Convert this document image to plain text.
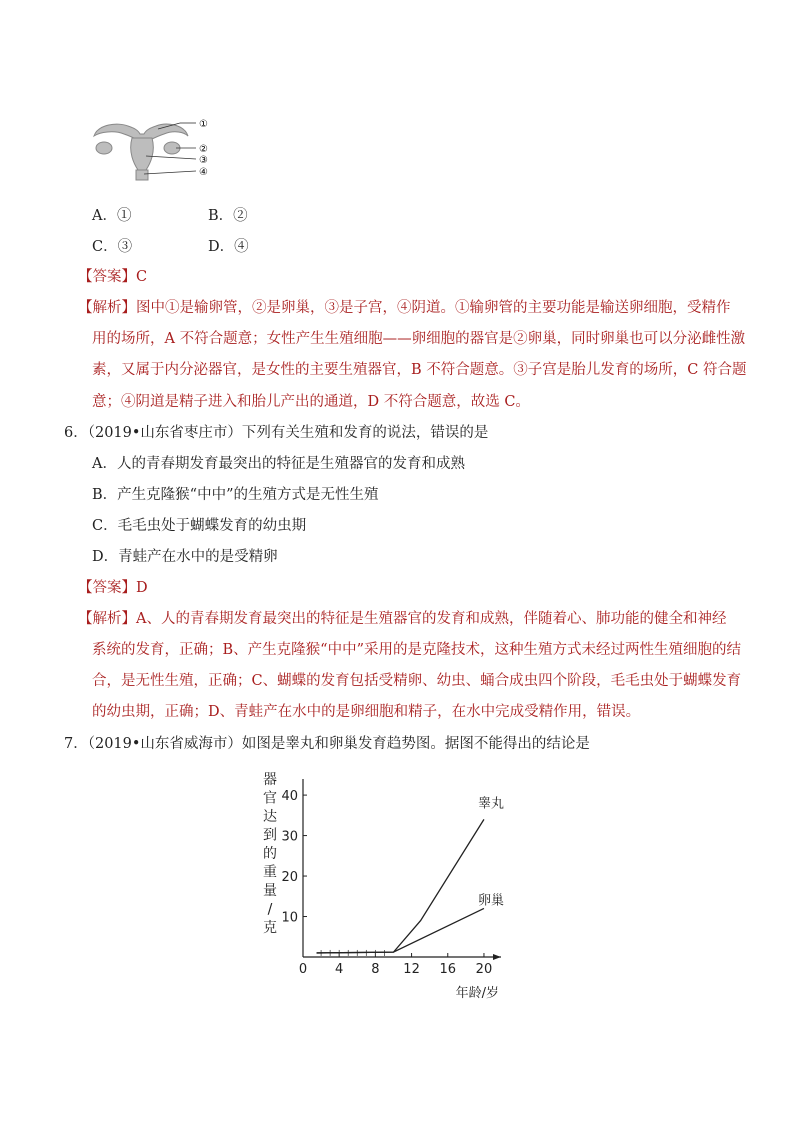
①
②
③
④
A．①	B．②
C．③	D．④
【答案】C
【解析】图中①是输卵管，②是卵巢，③是子宫，④阴道。①输卵管的主要功能是输送卵细胞，受精作
用的场所，A 不符合题意；女性产生生殖细胞——卵细胞的器官是②卵巢，同时卵巢也可以分泌雌性激
素，又属于内分泌器官，是女性的主要生殖器官，B 不符合题意。③子宫是胎儿发育的场所，C 符合题
意；④阴道是精子进入和胎儿产出的通道，D 不符合题意，故选 C。
6．（2019•山东省枣庄市）下列有关生殖和发育的说法，错误的是
A．人的青春期发育最突出的特征是生殖器官的发育和成熟
B．产生克隆猴“中中”的生殖方式是无性生殖
C．毛毛虫处于蝴蝶发育的幼虫期
D．青蛙产在水中的是受精卵
【答案】D
【解析】A、人的青春期发育最突出的特征是生殖器官的发育和成熟，伴随着心、肺功能的健全和神经
系统的发育，正确；B、产生克隆猴“中中”采用的是克隆技术，这种生殖方式未经过两性生殖细胞的结
合，是无性生殖，正确；C、蝴蝶的发育包括受精卵、幼虫、蛹合成虫四个阶段，毛毛虫处于蝴蝶发育
的幼虫期，正确；D、青蛙产在水中的是卵细胞和精子，在水中完成受精作用，错误。
7．（2019•山东省威海市）如图是睾丸和卵巢发育趋势图。据图不能得出的结论是
0 4 8 12 16 20
10
20
30
40	睾丸
卵巢
器
官
达
到
的
重
量
/
克
年龄/岁
